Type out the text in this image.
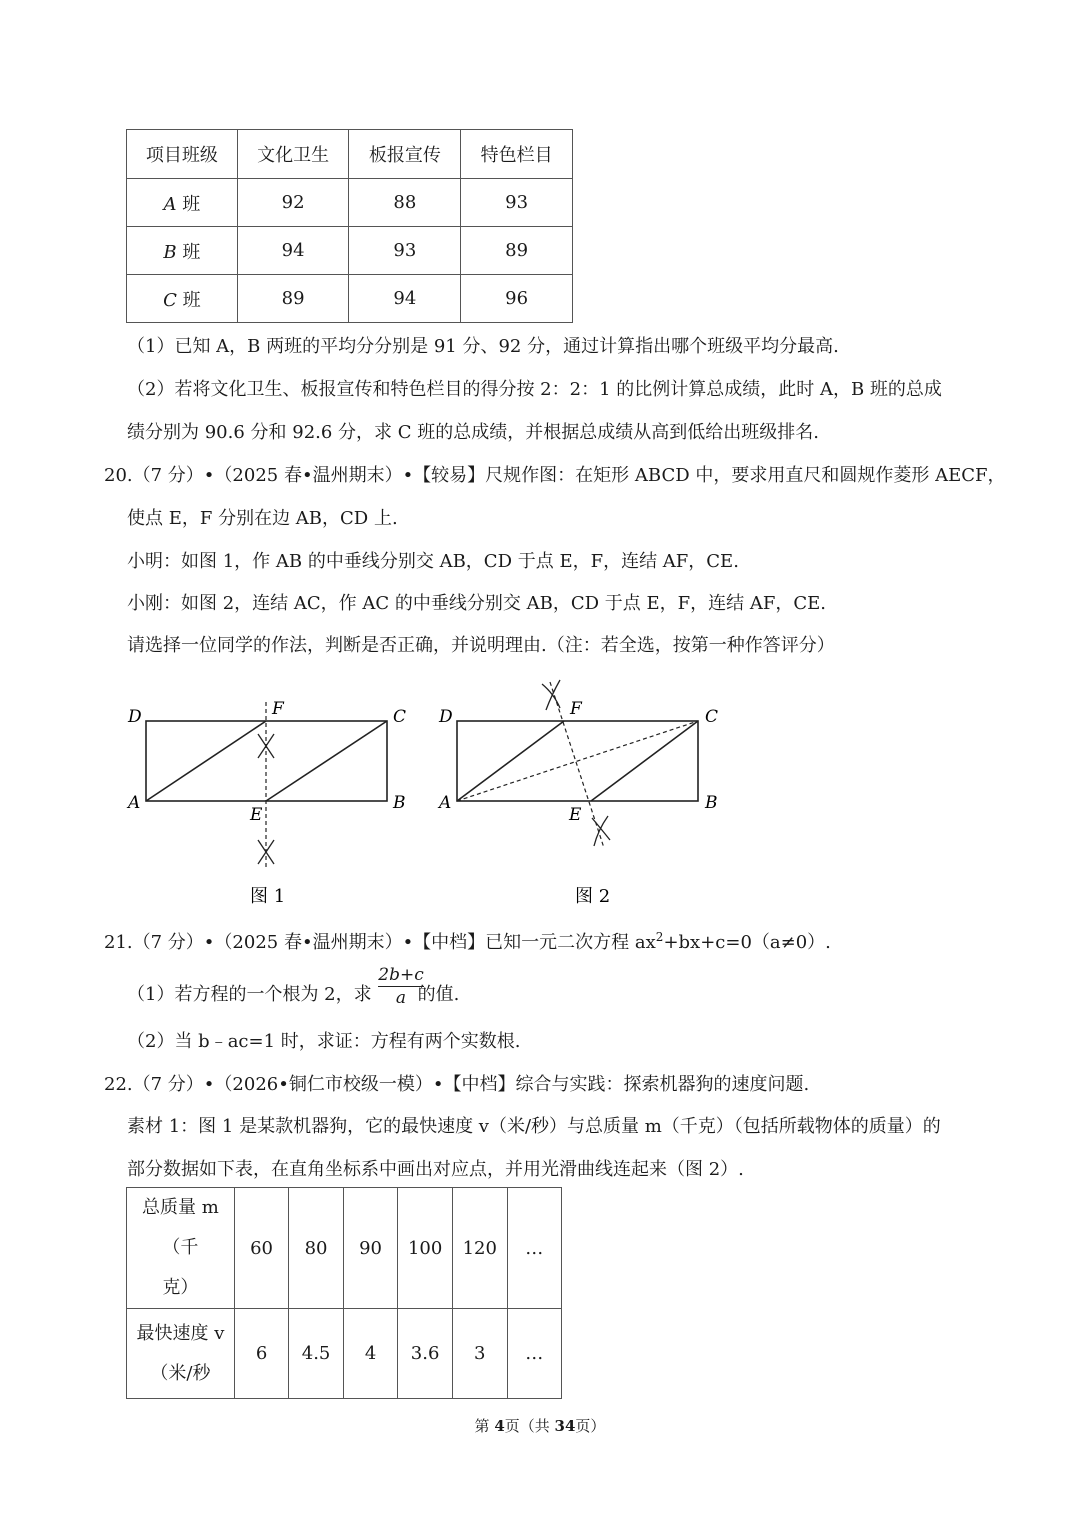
项目班级	文化卫生	板报宣传	特色栏目
A 班	92	88	93
B 班	94	93	89
C 班	89	94	96
（1）已知 A，B 两班的平均分分别是 91 分、92 分，通过计算指出哪个班级平均分最高.
（2）若将文化卫生、板报宣传和特色栏目的得分按 2：2：1 的比例计算总成绩，此时 A，B 班的总成
绩分别为 90.6 分和 92.6 分，求 C 班的总成绩，并根据总成绩从高到低给出班级排名.
20.（7 分）•（2025 春•温州期末）•【较易】尺规作图：在矩形 ABCD 中，要求用直尺和圆规作菱形 AECF，
使点 E，F 分别在边 AB，CD 上.
小明：如图 1，作 AB 的中垂线分别交 AB，CD 于点 E，F，连结 AF，CE.
小刚：如图 2，连结 AC，作 AC 的中垂线分别交 AB，CD 于点 E，F，连结 AF，CE.
请选择一位同学的作法，判断是否正确，并说明理由.（注：若全选，按第一种作答评分）
D	F	C
A
E
B
图 1
D	F	C
A
E
B
图 2
21.（7 分）•（2025 春•温州期末）•【中档】已知一元二次方程 $ax^2+bx+c=0(a\ne 0)$.
（1）若方程的一个根为 2，求	的值.
$\frac{2b+c}{a}$
（2）当 b﹣ac=1 时，求证：方程有两个实数根.
22.（7 分）•（2026•铜仁市校级一模）•【中档】综合与实践：探索机器狗的速度问题.
素材 1：图 1 是某款机器狗，它的最快速度 v（米/秒）与总质量 m（千克）（包括所载物体的质量）的
部分数据如下表，在直角坐标系中画出对应点，并用光滑曲线连起来（图 2）.
总质量 m（千
克）	60	80	90	100	120	…

最快速度 v
（米/秒	6	4.5	4	3.6	3	…
第 4页（共 34页）
